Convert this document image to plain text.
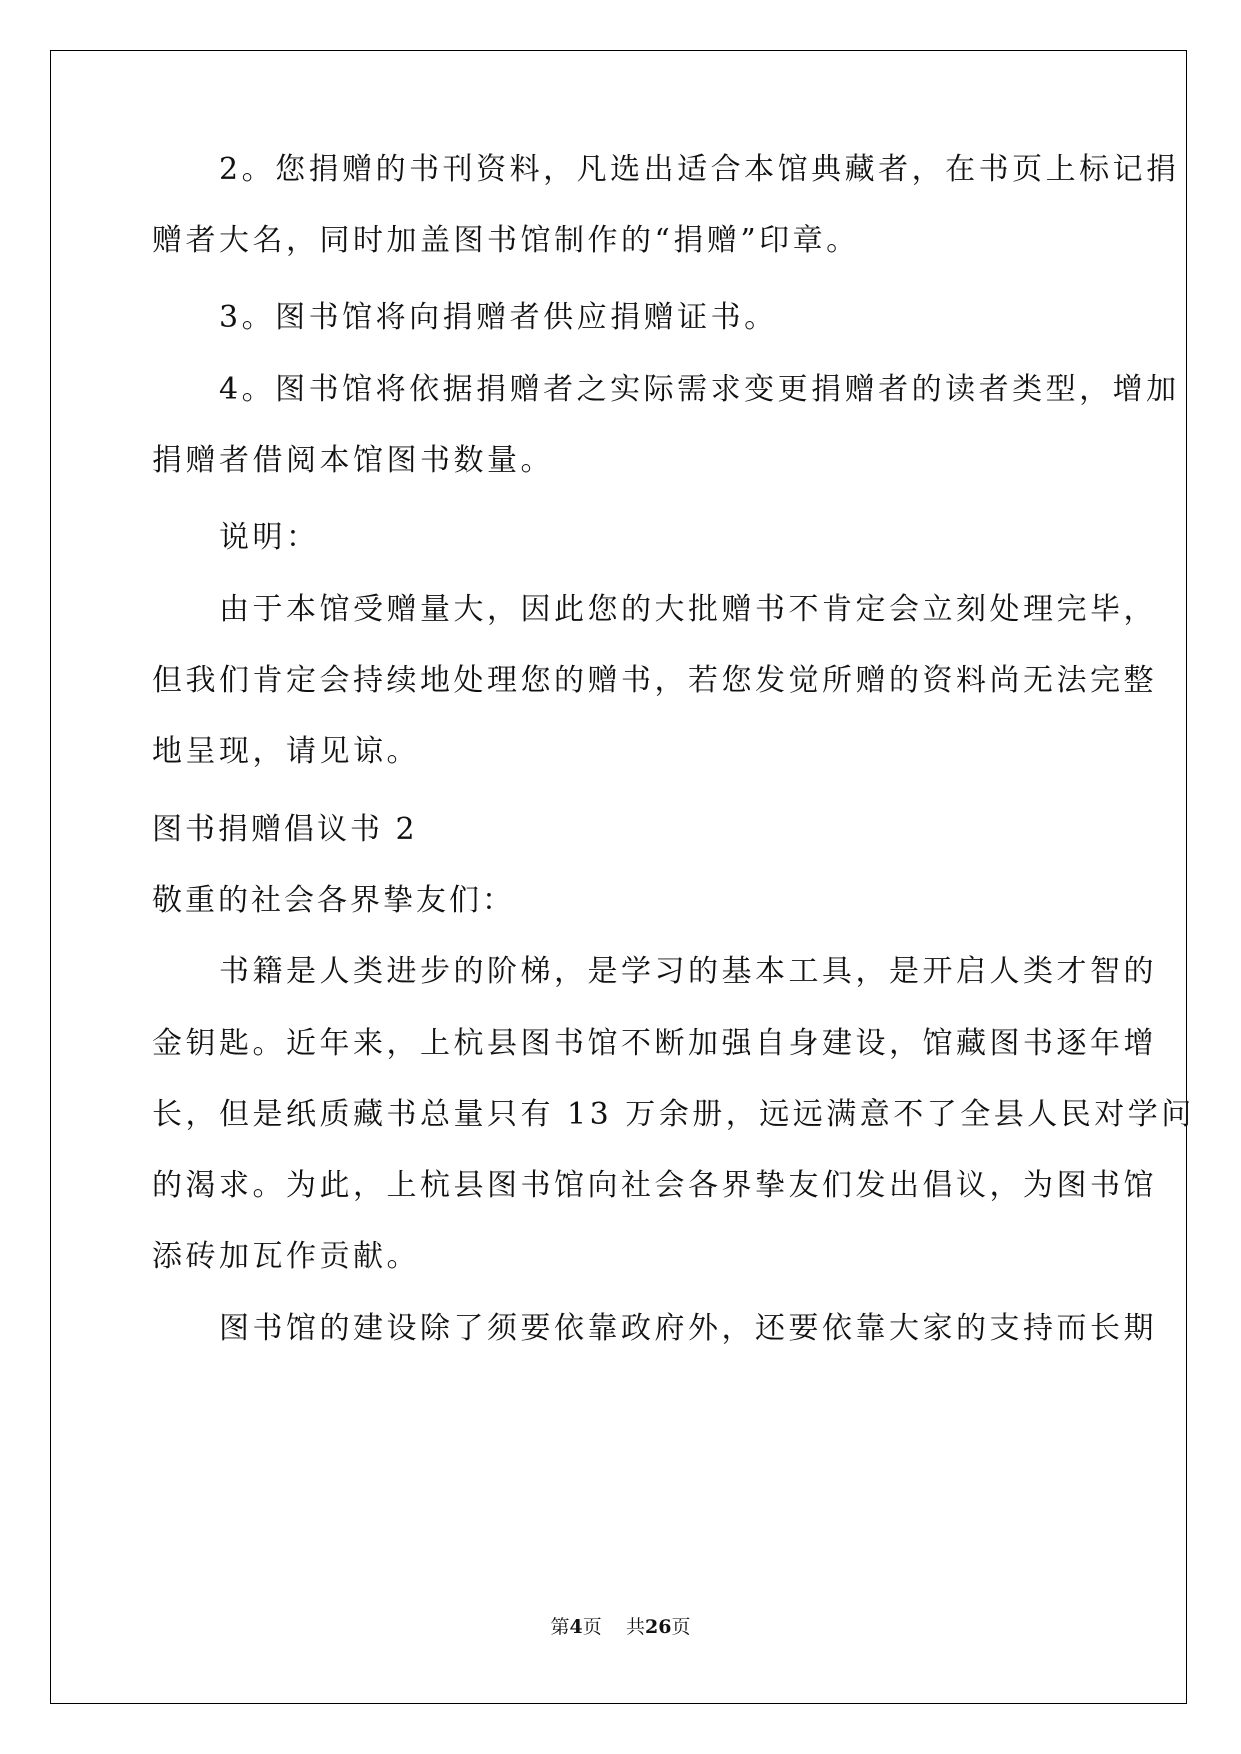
　　2。您捐赠的书刊资料，凡选出适合本馆典藏者，在书页上标记捐
赠者大名，同时加盖图书馆制作的“捐赠”印章。
　　3。图书馆将向捐赠者供应捐赠证书。
　　4。图书馆将依据捐赠者之实际需求变更捐赠者的读者类型，增加
捐赠者借阅本馆图书数量。
　　说明：
　　由于本馆受赠量大，因此您的大批赠书不肯定会立刻处理完毕，
但我们肯定会持续地处理您的赠书，若您发觉所赠的资料尚无法完整
地呈现，请见谅。
图书捐赠倡议书 2
敬重的社会各界挚友们：
　　书籍是人类进步的阶梯，是学习的基本工具，是开启人类才智的
金钥匙。近年来，上杭县图书馆不断加强自身建设，馆藏图书逐年增
长，但是纸质藏书总量只有 13 万余册，远远满意不了全县人民对学问
的渴求。为此，上杭县图书馆向社会各界挚友们发出倡议，为图书馆
添砖加瓦作贡献。
　　图书馆的建设除了须要依靠政府外，还要依靠大家的支持而长期
第4页 共26页
